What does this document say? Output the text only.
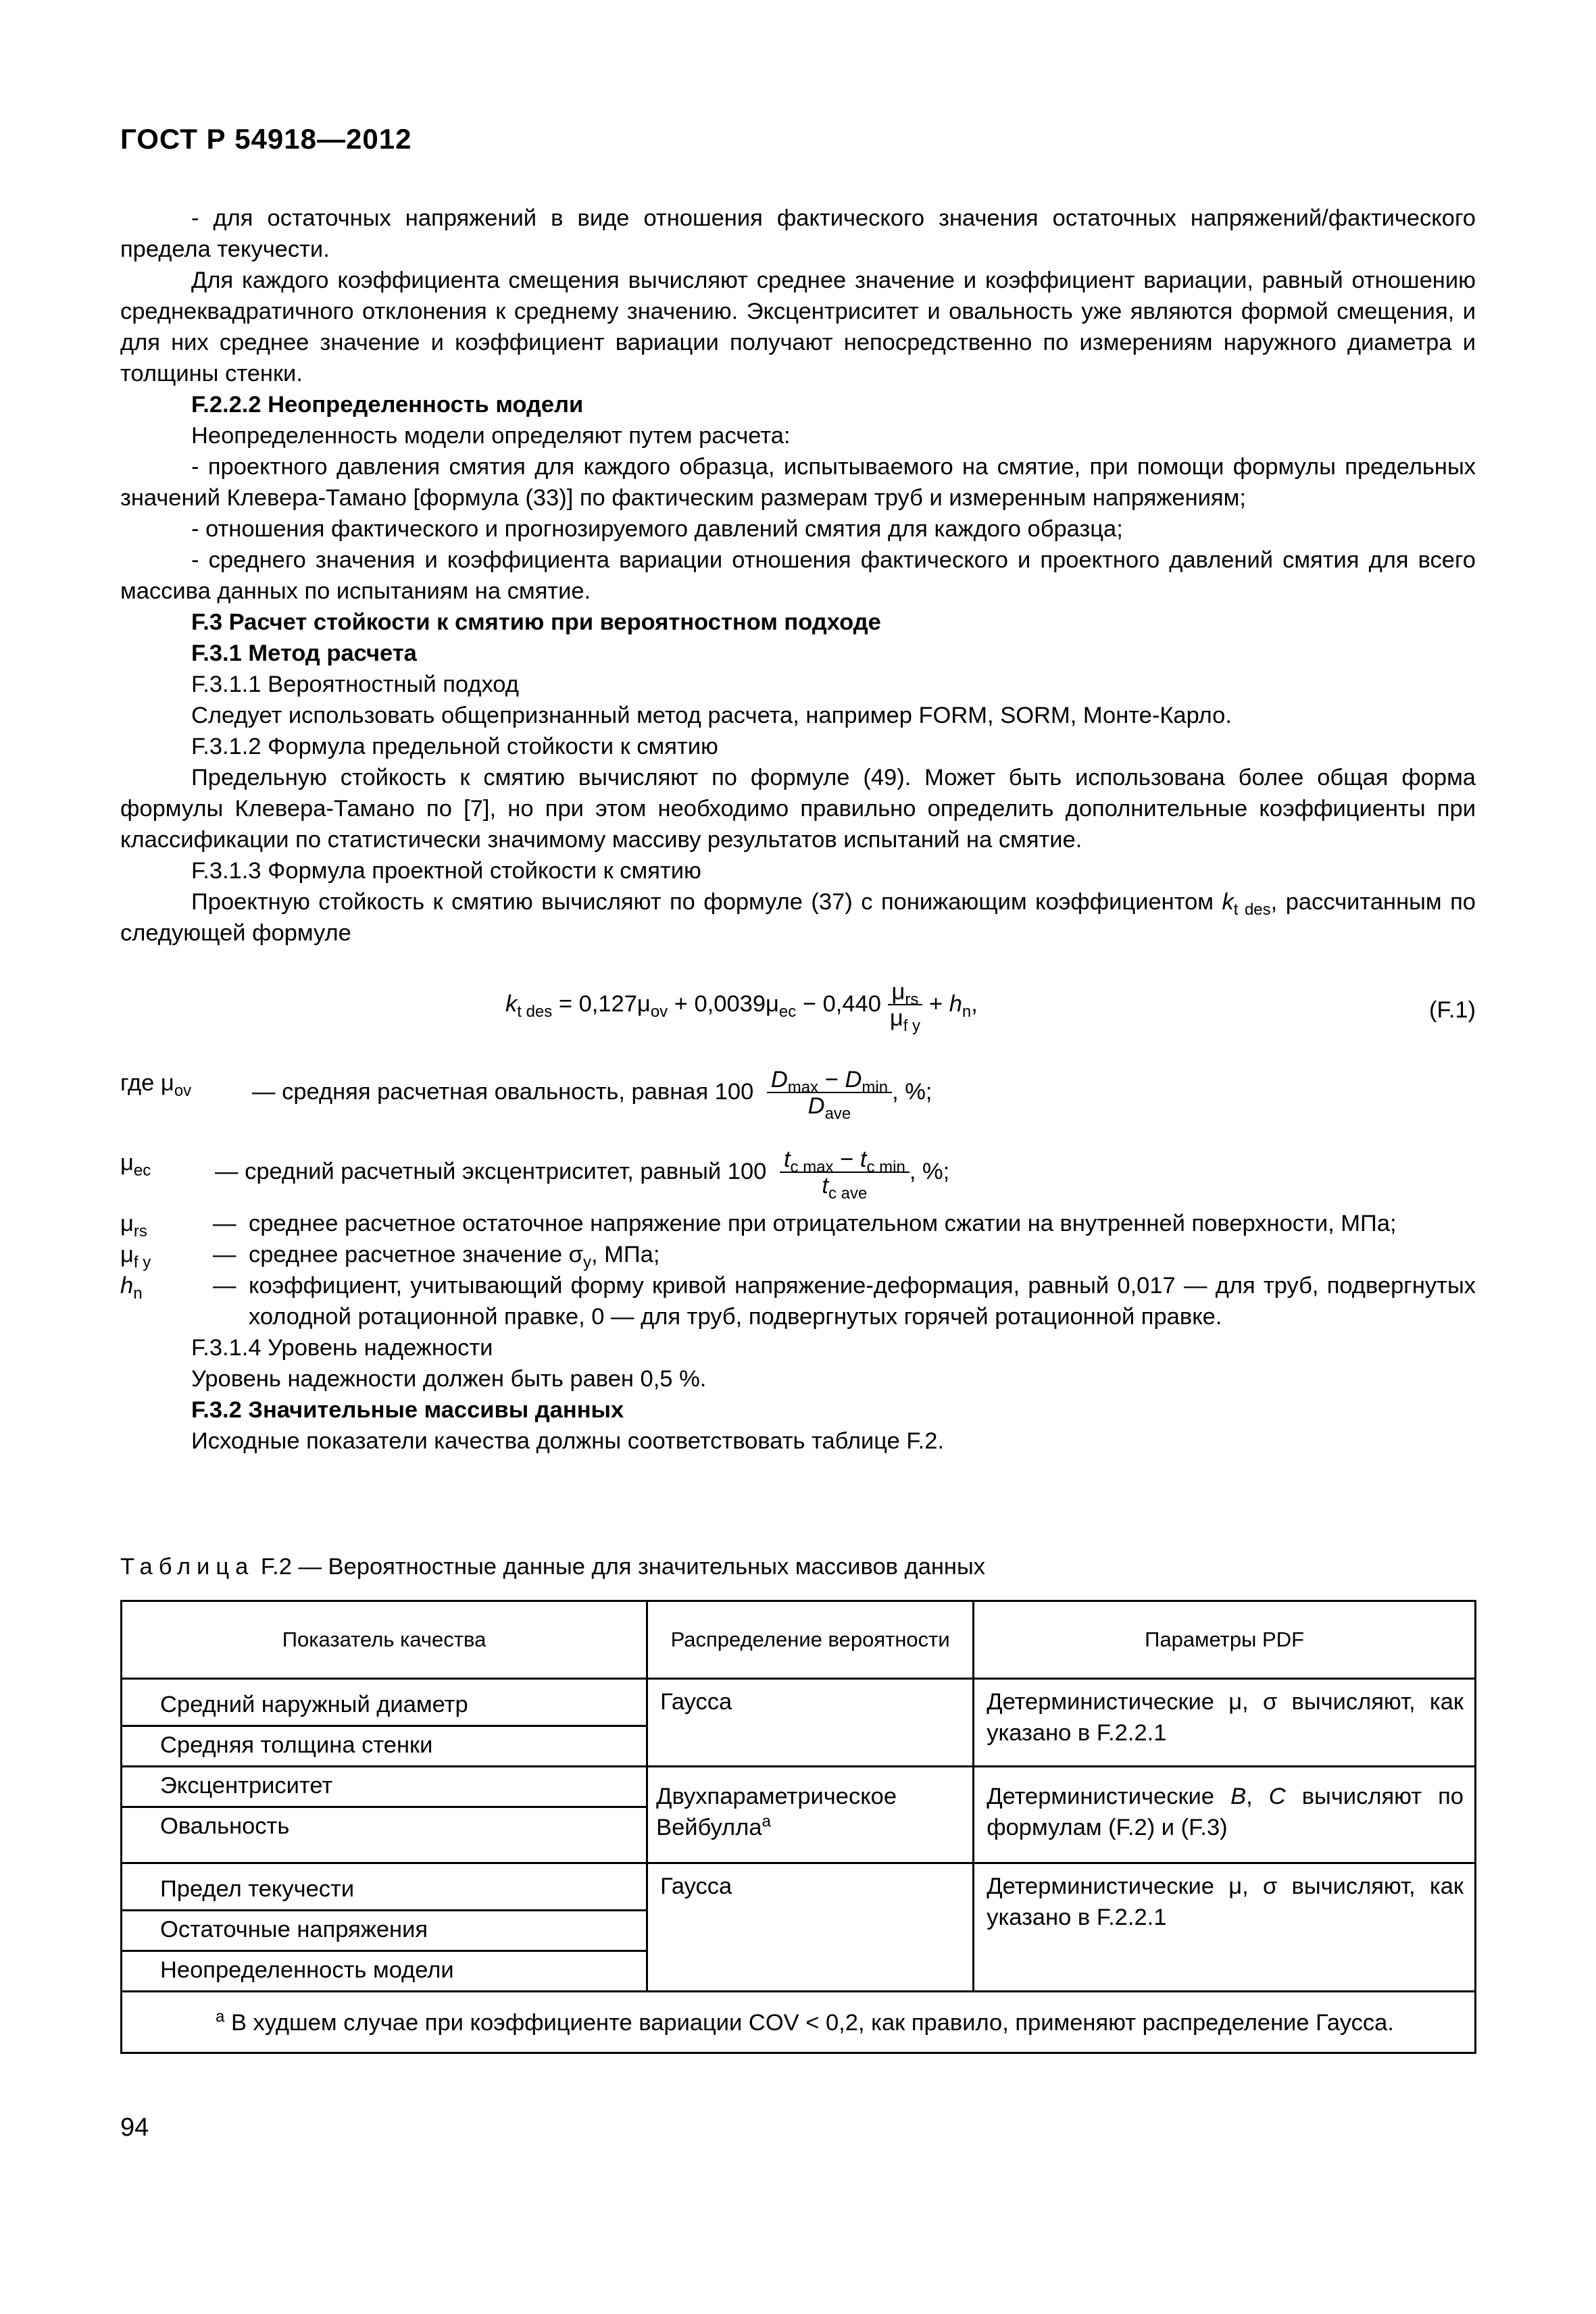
ГОСТ Р 54918—2012

- для остаточных напряжений в виде отношения фактического значения остаточных напряжений/фактического предела текучести.

Для каждого коэффициента смещения вычисляют среднее значение и коэффициент вариации, равный отношению среднеквадратичного отклонения к среднему значению. Эксцентриситет и овальность уже являются формой смещения, и для них среднее значение и коэффициент вариации получают непосредственно по измерениям наружного диаметра и толщины стенки.

F.2.2.2 Неопределенность модели

Неопределенность модели определяют путем расчета:

- проектного давления смятия для каждого образца, испытываемого на смятие, при помощи формулы предельных значений Клевера-Тамано [формула (33)] по фактическим размерам труб и измеренным напряжениям;

- отношения фактического и прогнозируемого давлений смятия для каждого образца;

- среднего значения и коэффициента вариации отношения фактического и проектного давлений смятия для всего массива данных по испытаниям на смятие.

F.3 Расчет стойкости к смятию при вероятностном подходе

F.3.1 Метод расчета

F.3.1.1 Вероятностный подход

Следует использовать общепризнанный метод расчета, например FORM, SORM, Монте-Карло.

F.3.1.2 Формула предельной стойкости к смятию

Предельную стойкость к смятию вычисляют по формуле (49). Может быть использована более общая форма формулы Клевера-Тамано по [7], но при этом необходимо правильно определить дополнительные коэффициенты при классификации по статистически значимому массиву результатов испытаний на смятие.

F.3.1.3 Формула проектной стойкости к смятию

Проектную стойкость к смятию вычисляют по формуле (37) с понижающим коэффициентом $k_{t des}$, рассчитанным по следующей формуле

$k_{t des} = 0,127\mu_{ov} + 0,0039\mu_{ec} - 0,440 \frac{\mu_{rs}}{\mu_{f y}} + h_n$,	(F.1)
где $\mu_{ov}$	— средняя расчетная овальность, равная $100 \frac{D_{max} - D_{min}}{D_{ave}}$ , %;
$\mu_{ec}$	— средний расчетный эксцентриситет, равный $100 \frac{t_{c max} - t_{c min}}{t_{c ave}}$ , %;
$\mu_{rs}$	— среднее расчетное остаточное напряжение при отрицательном сжатии на внутренней поверхности, МПа;
$\mu_{f y}$	— среднее расчетное значение $\sigma_y$, МПа;
$h_n$	— коэффициент, учитывающий форму кривой напряжение-деформация, равный 0,017 — для труб, подвергнутых холодной ротационной правке, 0 — для труб, подвергнутых горячей ротационной правке.

F.3.1.4 Уровень надежности

Уровень надежности должен быть равен 0,5 %.

F.3.2 Значительные массивы данных

Исходные показатели качества должны соответствовать таблице F.2.

Таблица F.2 — Вероятностные данные для значительных массивов данных
Показатель качества	Распределение вероятности	Параметры PDF
Средний наружный диаметр	Гаусса	Детерминистические μ, σ вычисляют, как указано в F.2.2.1
Средняя толщина стенки		
Эксцентриситет	Двухпараметрическое Вейбулла$^a$	Детерминистические B, C вычисляют по формулам (F.2) и (F.3)
Овальность		
Предел текучести	Гаусса	Детерминистические μ, σ вычисляют, как указано в F.2.2.1
Остаточные напряжения		
Неопределенность модели		
$^a$ В худшем случае при коэффициенте вариации COV < 0,2, как правило, применяют распределение Гаусса.		
94
